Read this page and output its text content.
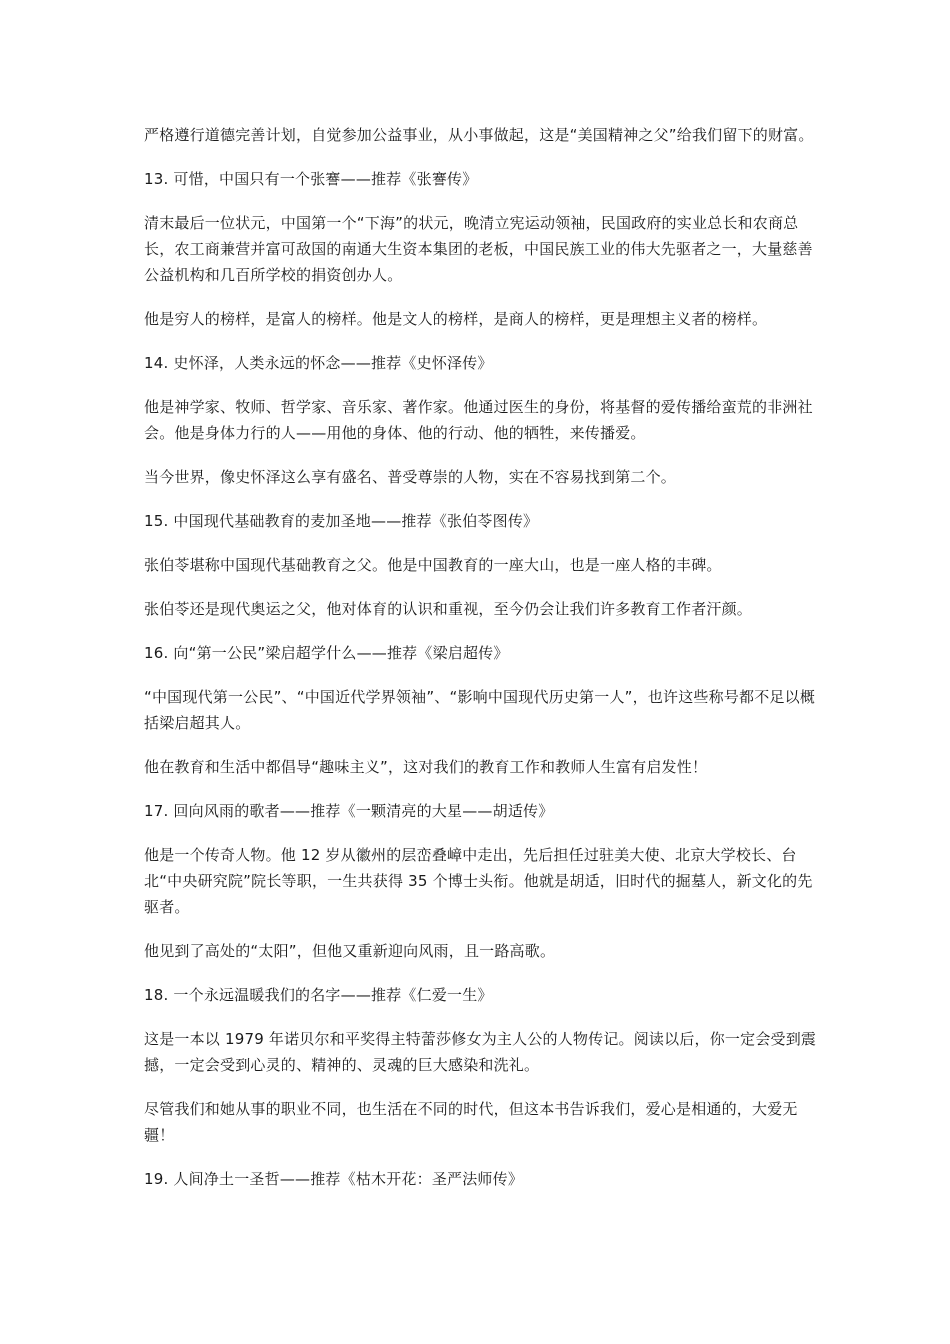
严格遵行道德完善计划，自觉参加公益事业，从小事做起，这是“美国精神之父”给我们留下的财富。

13. 可惜，中国只有一个张謇——推荐《张謇传》

清末最后一位状元，中国第一个“下海”的状元，晚清立宪运动领袖，民国政府的实业总长和农商总长，农工商兼营并富可敌国的南通大生资本集团的老板，中国民族工业的伟大先驱者之一，大量慈善公益机构和几百所学校的捐资创办人。

他是穷人的榜样，是富人的榜样。他是文人的榜样，是商人的榜样，更是理想主义者的榜样。

14. 史怀泽，人类永远的怀念——推荐《史怀泽传》

他是神学家、牧师、哲学家、音乐家、著作家。他通过医生的身份，将基督的爱传播给蛮荒的非洲社会。他是身体力行的人——用他的身体、他的行动、他的牺牲，来传播爱。

当今世界，像史怀泽这么享有盛名、普受尊崇的人物，实在不容易找到第二个。

15. 中国现代基础教育的麦加圣地——推荐《张伯苓图传》

张伯苓堪称中国现代基础教育之父。他是中国教育的一座大山，也是一座人格的丰碑。

张伯苓还是现代奥运之父，他对体育的认识和重视，至今仍会让我们许多教育工作者汗颜。

16. 向“第一公民”梁启超学什么——推荐《梁启超传》

“中国现代第一公民”、“中国近代学界领袖”、“影响中国现代历史第一人”，也许这些称号都不足以概括梁启超其人。

他在教育和生活中都倡导“趣味主义”，这对我们的教育工作和教师人生富有启发性！

17. 回向风雨的歌者——推荐《一颗清亮的大星——胡适传》

他是一个传奇人物。他 12 岁从徽州的层峦叠嶂中走出，先后担任过驻美大使、北京大学校长、台北“中央研究院”院长等职，一生共获得 35 个博士头衔。他就是胡适，旧时代的掘墓人，新文化的先驱者。

他见到了高处的“太阳”，但他又重新迎向风雨，且一路高歌。

18. 一个永远温暖我们的名字——推荐《仁爱一生》

这是一本以 1979 年诺贝尔和平奖得主特蕾莎修女为主人公的人物传记。阅读以后，你一定会受到震撼，一定会受到心灵的、精神的、灵魂的巨大感染和洗礼。

尽管我们和她从事的职业不同，也生活在不同的时代，但这本书告诉我们，爱心是相通的，大爱无疆！

19. 人间净土一圣哲——推荐《枯木开花：圣严法师传》
